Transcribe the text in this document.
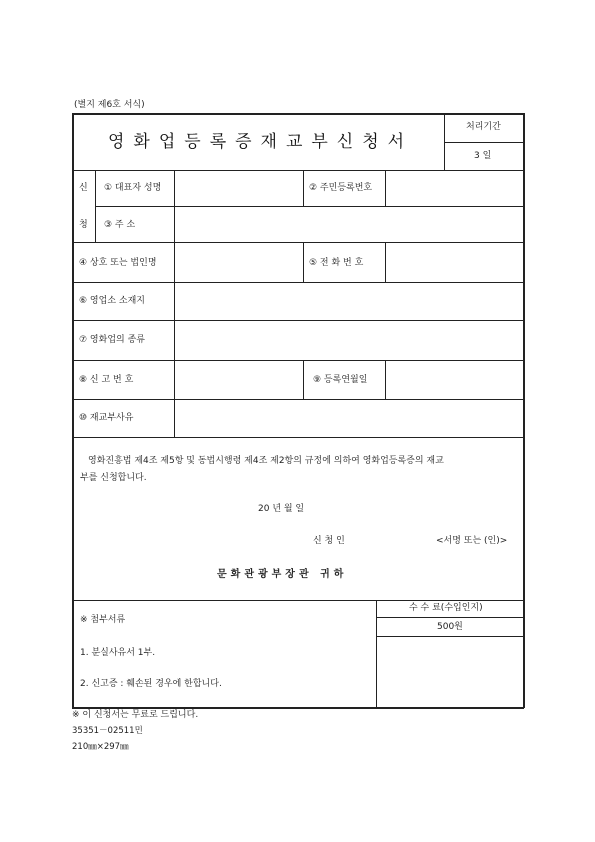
(별지 제6호 서식)
영화업등록증재교부신청서
처리기간
3 일
신
청
① 대표자 성명	② 주민등록번호
③ 주 소
④ 상호 또는 법인명	⑤ 전 화 번 호
⑥ 영업소 소재지
⑦ 영화업의 종류
⑧ 신 고 번 호	⑨ 등록연월일
⑩ 재교부사유
영화진흥법 제4조 제5항 및 동법시행령 제4조 제2항의 규정에 의하여 영화업등록증의 재교
부를 신청합니다.
20 년 월 일
신 청 인	<서명 또는 (인)>
문화관광부장관 귀하
※ 첨부서류
1. 분실사유서 1부.
2. 신고증 : 훼손된 경우에 한합니다.
수 수 료(수입인지)
500원
※ 이 신청서는 무료로 드립니다.
35351－02511민
210㎜×297㎜
